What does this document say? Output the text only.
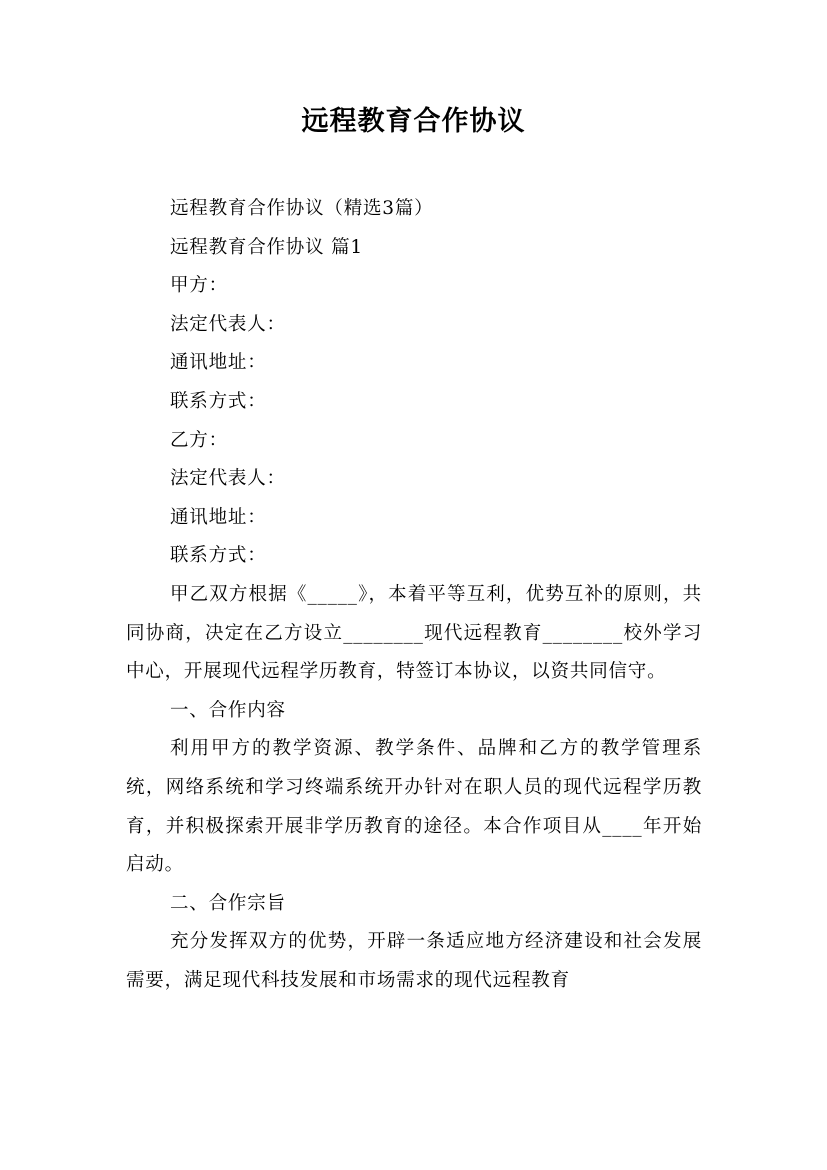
远程教育合作协议

远程教育合作协议（精选3篇）

远程教育合作协议 篇1

甲方：

法定代表人：

通讯地址：

联系方式：

乙方：

法定代表人：

通讯地址：

联系方式：

甲乙双方根据《_____》，本着平等互利，优势互补的原则，共同协商，决定在乙方设立________现代远程教育________校外学习中心，开展现代远程学历教育，特签订本协议，以资共同信守。

一、合作内容

利用甲方的教学资源、教学条件、品牌和乙方的教学管理系统，网络系统和学习终端系统开办针对在职人员的现代远程学历教育，并积极探索开展非学历教育的途径。本合作项目从____年开始启动。

二、合作宗旨

充分发挥双方的优势，开辟一条适应地方经济建设和社会发展需要，满足现代科技发展和市场需求的现代远程教育
